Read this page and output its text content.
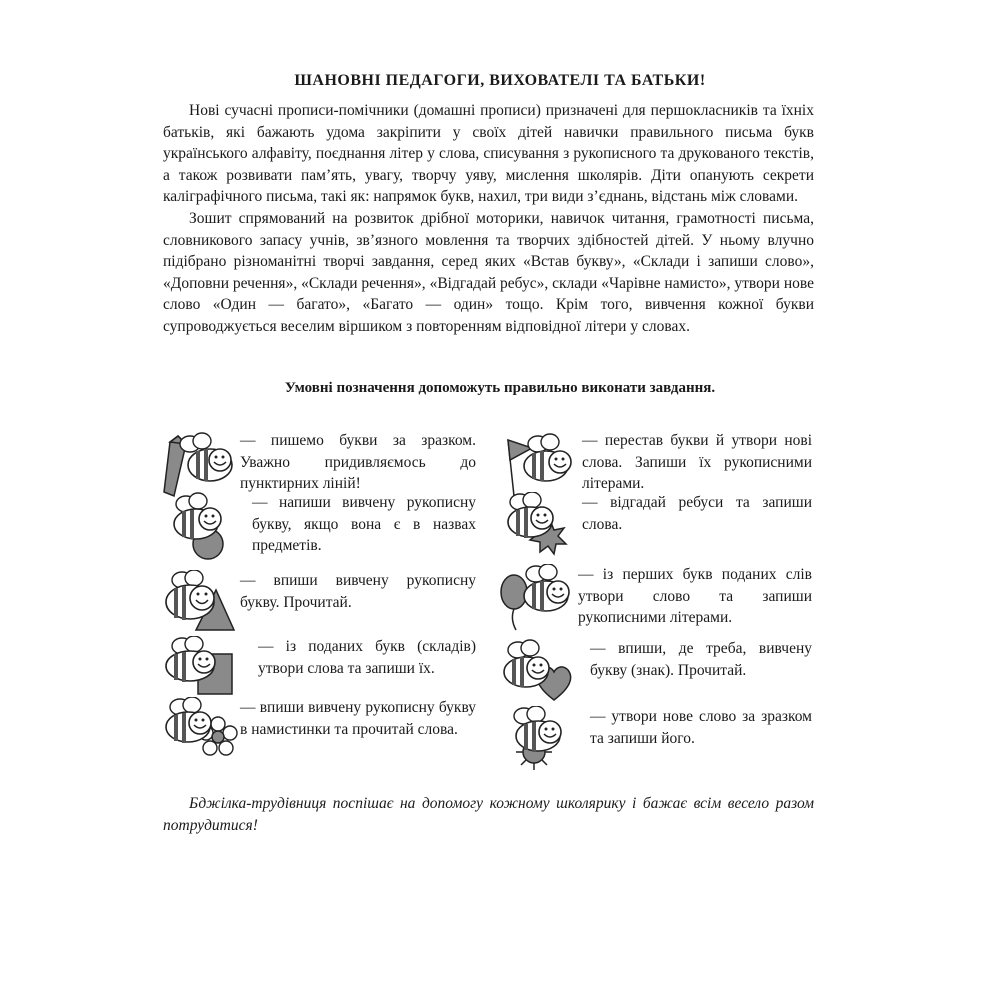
ШАНОВНІ ПЕДАГОГИ, ВИХОВАТЕЛІ ТА БАТЬКИ!

Нові сучасні прописи-помічники (домашні прописи) призначені для першокласників та їхніх батьків, які бажають удома закріпити у своїх дітей навички правильного письма букв українського алфавіту, поєднання літер у слова, списування з рукописного та друкованого текстів, а також розвивати пам’ять, увагу, творчу уяву, мислення школярів. Діти опанують секрети каліграфічного письма, такі як: напрямок букв, нахил, три види з’єднань, відстань між словами.

Зошит спрямований на розвиток дрібної моторики, навичок читання, грамотності письма, словникового запасу учнів, зв’язного мовлення та творчих здібностей дітей. У ньому влучно підібрано різноманітні творчі завдання, серед яких «Встав букву», «Склади і запиши слово», «Доповни речення», «Склади речення», «Відгадай ребус», склади «Чарівне намисто», утвори нове слово «Один — багато», «Багато — один» тощо. Крім того, вивчення кожної букви супроводжується веселим віршиком з повторенням відповідної літери у словах.

Умовні позначення допоможуть правильно виконати завдання.
— пишемо букви за зразком. Уважно придивляємось до пунктирних ліній!
— напиши вивчену рукописну букву, якщо вона є в назвах предметів.
— впиши вивчену рукописну букву. Прочитай.
— із поданих букв (складів) утвори слова та запиши їх.
— впиши вивчену рукописну букву в намистинки та прочитай слова.
— перестав букви й утвори нові слова. Запиши їх рукописними літерами.
— відгадай ребуси та запиши слова.
— із перших букв поданих слів утвори слово та запиши рукописними літерами.
— впиши, де треба, вивчену букву (знак). Прочитай.
— утвори нове слово за зразком та запиши його.
Бджілка-трудівниця поспішає на допомогу кожному школярику і бажає всім весело разом потрудитися!
